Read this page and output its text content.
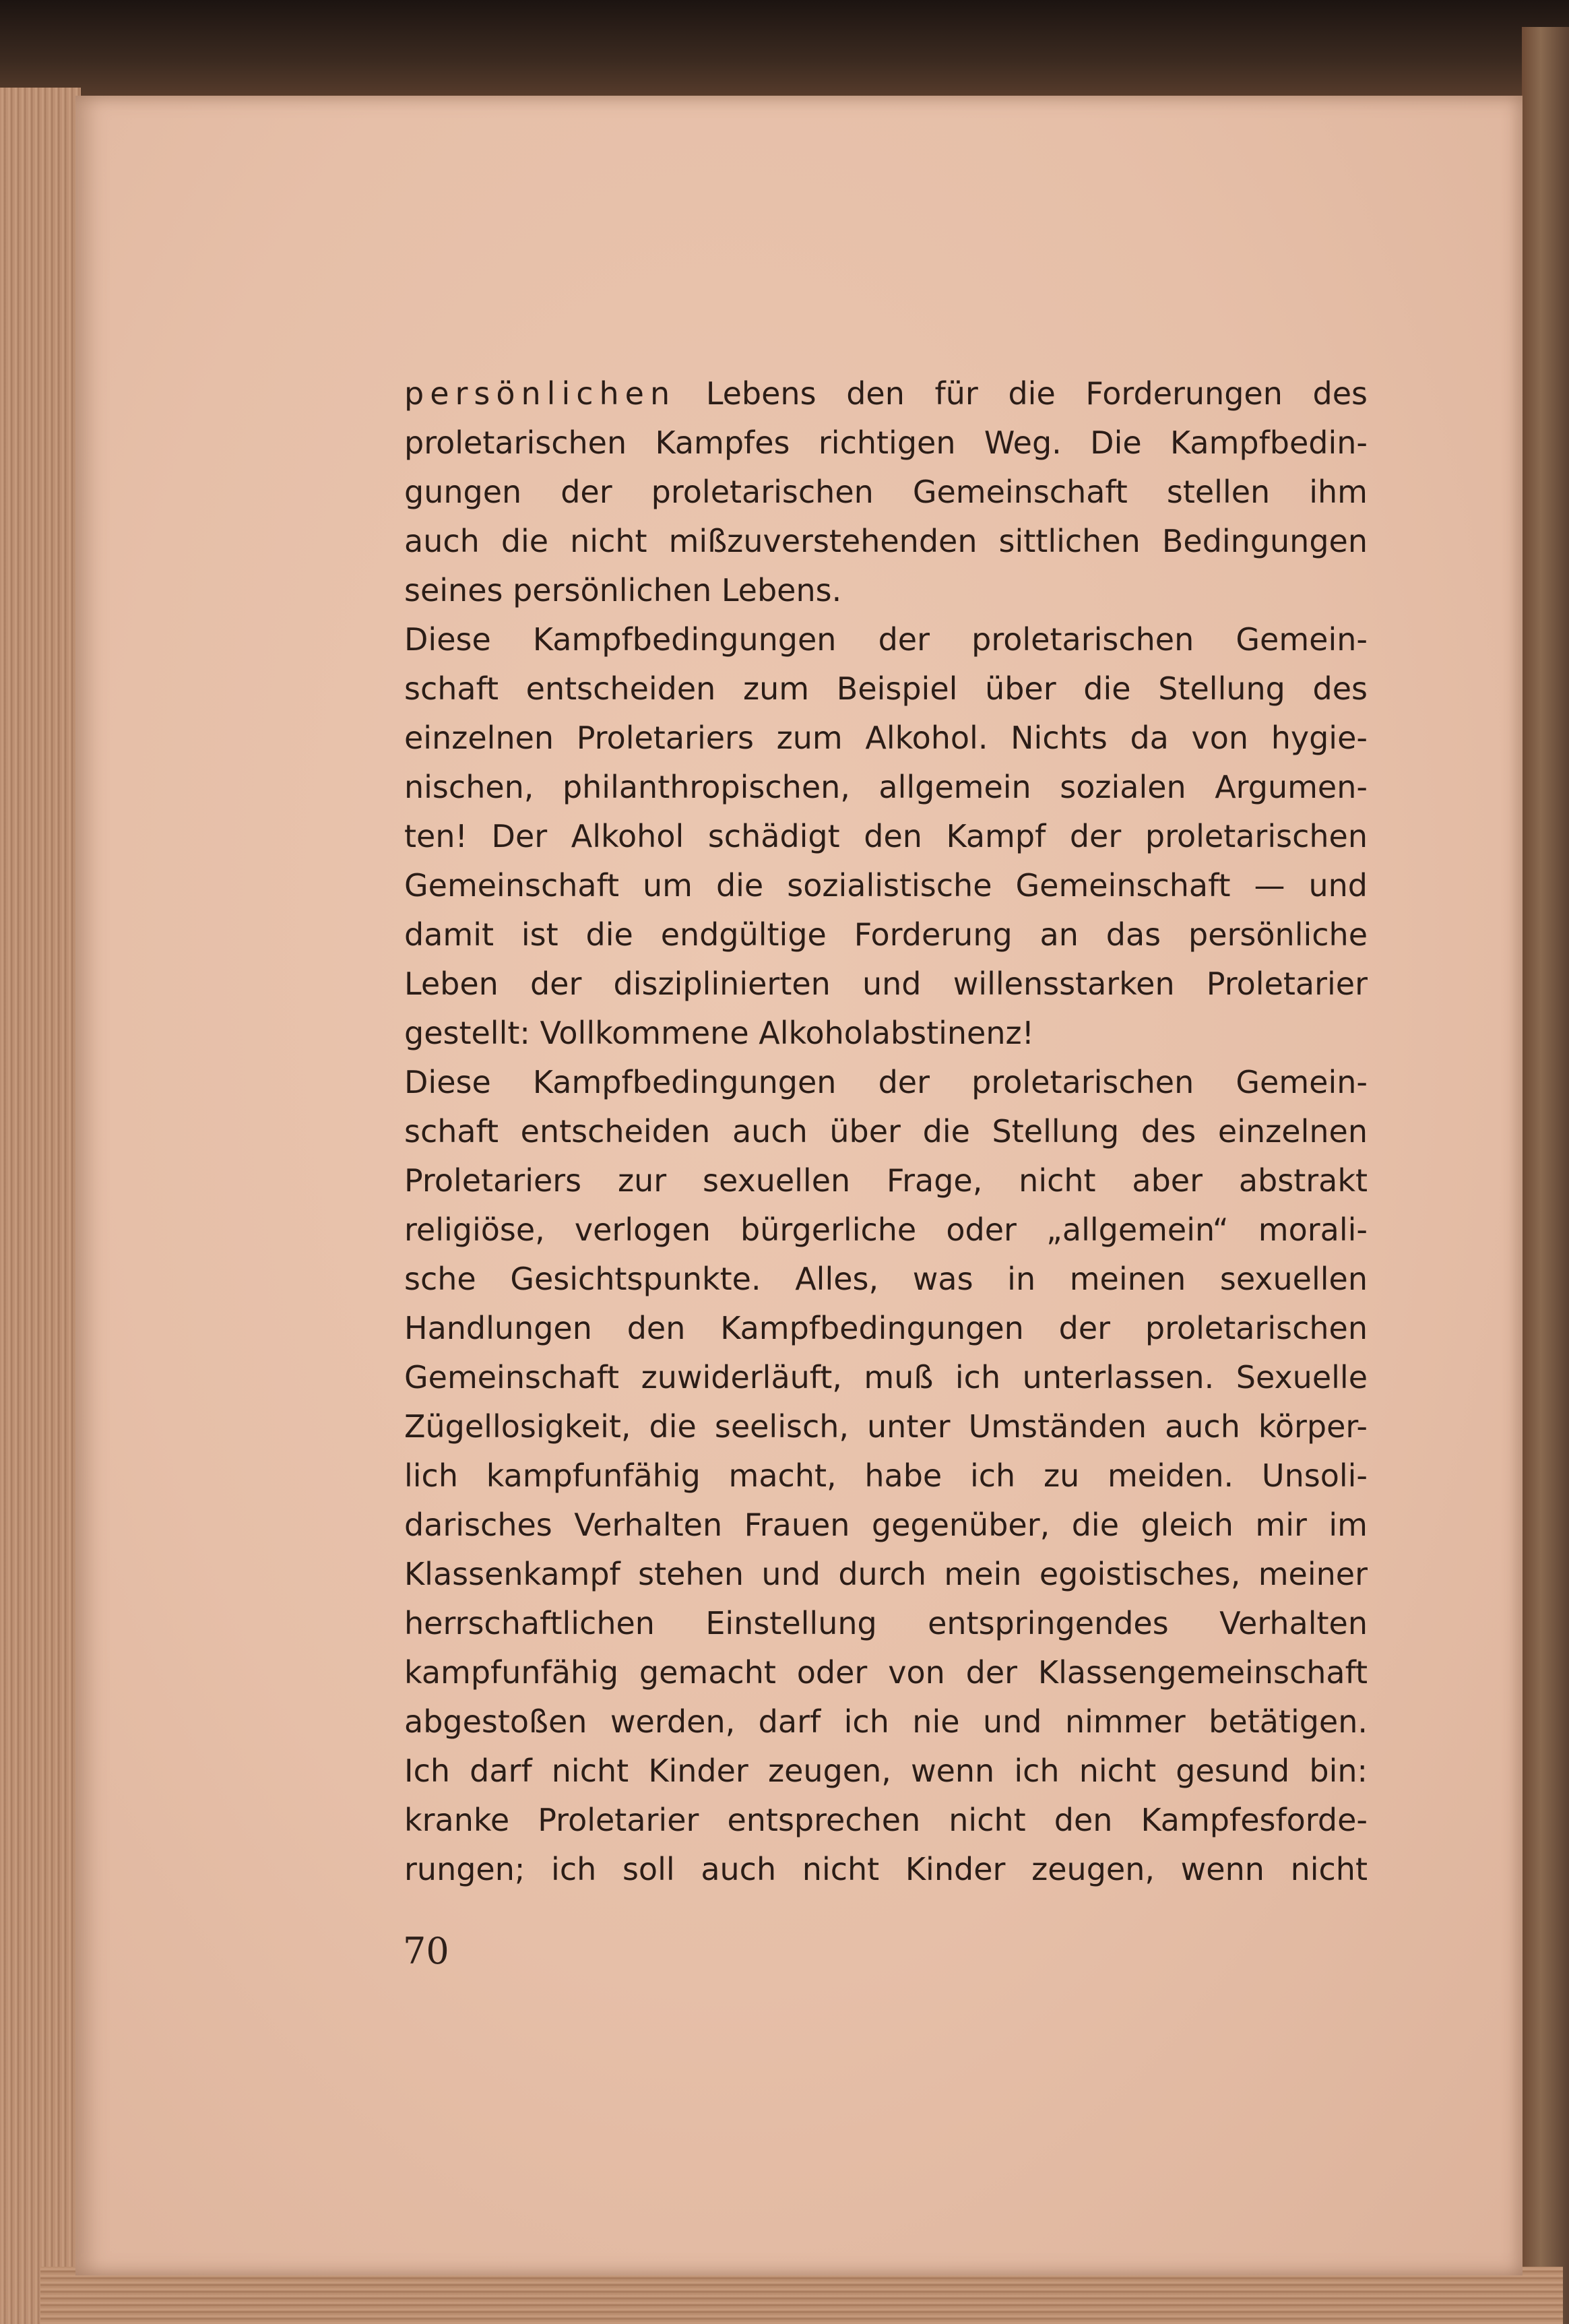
persönlichen Lebens den für die Forderungen des
proletarischen Kampfes richtigen Weg. Die Kampfbedin-
gungen der proletarischen Gemeinschaft stellen ihm
auch die nicht mißzuverstehenden sittlichen Bedingungen
seines persönlichen Lebens.
Diese Kampfbedingungen der proletarischen Gemein-
schaft entscheiden zum Beispiel über die Stellung des
einzelnen Proletariers zum Alkohol. Nichts da von hygie-
nischen, philanthropischen, allgemein sozialen Argumen-
ten! Der Alkohol schädigt den Kampf der proletarischen
Gemeinschaft um die sozialistische Gemeinschaft — und
damit ist die endgültige Forderung an das persönliche
Leben der disziplinierten und willensstarken Proletarier
gestellt: Vollkommene Alkoholabstinenz!
Diese Kampfbedingungen der proletarischen Gemein-
schaft entscheiden auch über die Stellung des einzelnen
Proletariers zur sexuellen Frage, nicht aber abstrakt
religiöse, verlogen bürgerliche oder „allgemein“ morali-
sche Gesichtspunkte. Alles, was in meinen sexuellen
Handlungen den Kampfbedingungen der proletarischen
Gemeinschaft zuwiderläuft, muß ich unterlassen. Sexuelle
Zügellosigkeit, die seelisch, unter Umständen auch körper-
lich kampfunfähig macht, habe ich zu meiden. Unsoli-
darisches Verhalten Frauen gegenüber, die gleich mir im
Klassenkampf stehen und durch mein egoistisches, meiner
herrschaftlichen Einstellung entspringendes Verhalten
kampfunfähig gemacht oder von der Klassengemeinschaft
abgestoßen werden, darf ich nie und nimmer betätigen.
Ich darf nicht Kinder zeugen, wenn ich nicht gesund bin:
kranke Proletarier entsprechen nicht den Kampfesforde-
rungen; ich soll auch nicht Kinder zeugen, wenn nicht
70
